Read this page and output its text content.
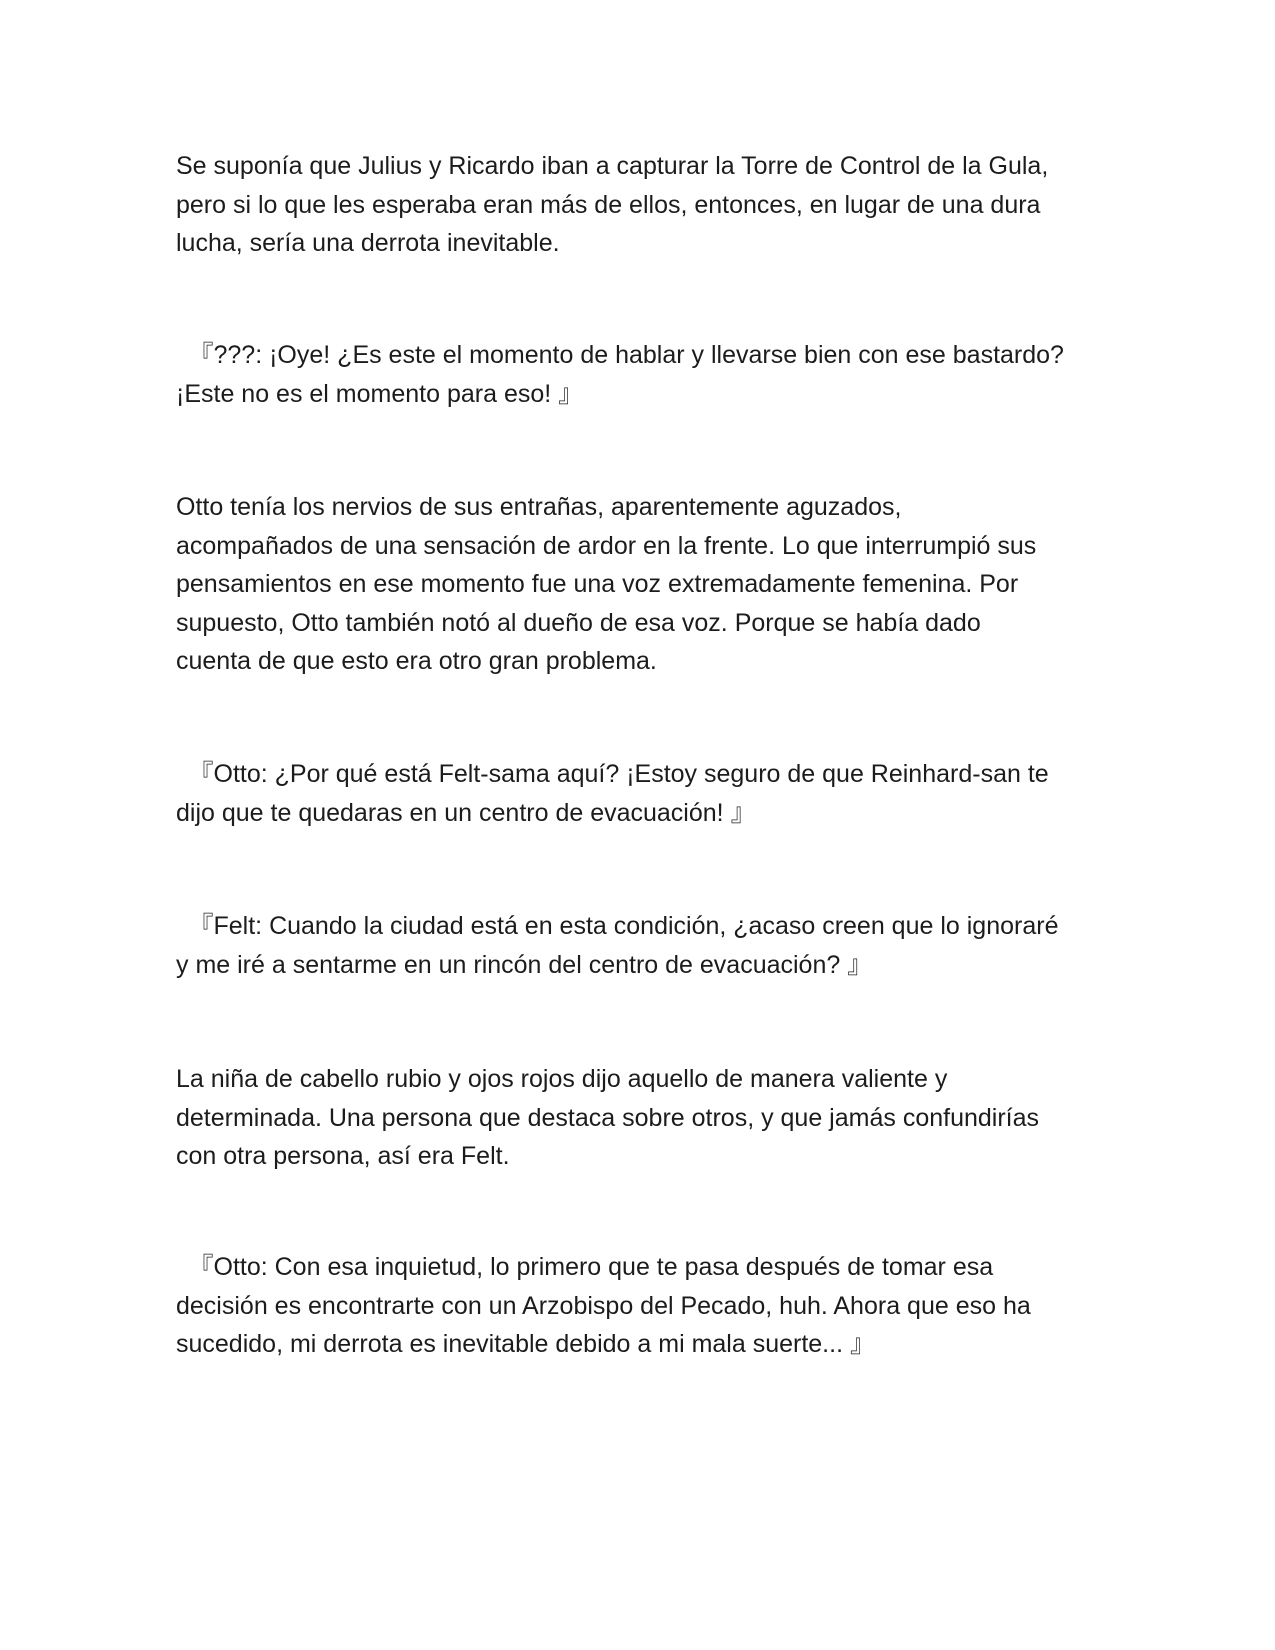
Se suponía que Julius y Ricardo iban a capturar la Torre de Control de la Gula,
pero si lo que les esperaba eran más de ellos, entonces, en lugar de una dura
lucha, sería una derrota inevitable.

　『???: ¡Oye! ¿Es este el momento de hablar y llevarse bien con ese bastardo?
¡Este no es el momento para eso! 』

Otto tenía los nervios de sus entrañas, aparentemente aguzados,
acompañados de una sensación de ardor en la frente. Lo que interrumpió sus
pensamientos en ese momento fue una voz extremadamente femenina. Por
supuesto, Otto también notó al dueño de esa voz. Porque se había dado
cuenta de que esto era otro gran problema.

　『Otto: ¿Por qué está Felt-sama aquí? ¡Estoy seguro de que Reinhard-san te
dijo que te quedaras en un centro de evacuación! 』

　『Felt: Cuando la ciudad está en esta condición, ¿acaso creen que lo ignoraré
y me iré a sentarme en un rincón del centro de evacuación? 』

La niña de cabello rubio y ojos rojos dijo aquello de manera valiente y
determinada. Una persona que destaca sobre otros, y que jamás confundirías
con otra persona, así era Felt.

　『Otto: Con esa inquietud, lo primero que te pasa después de tomar esa
decisión es encontrarte con un Arzobispo del Pecado, huh. Ahora que eso ha
sucedido, mi derrota es inevitable debido a mi mala suerte... 』
